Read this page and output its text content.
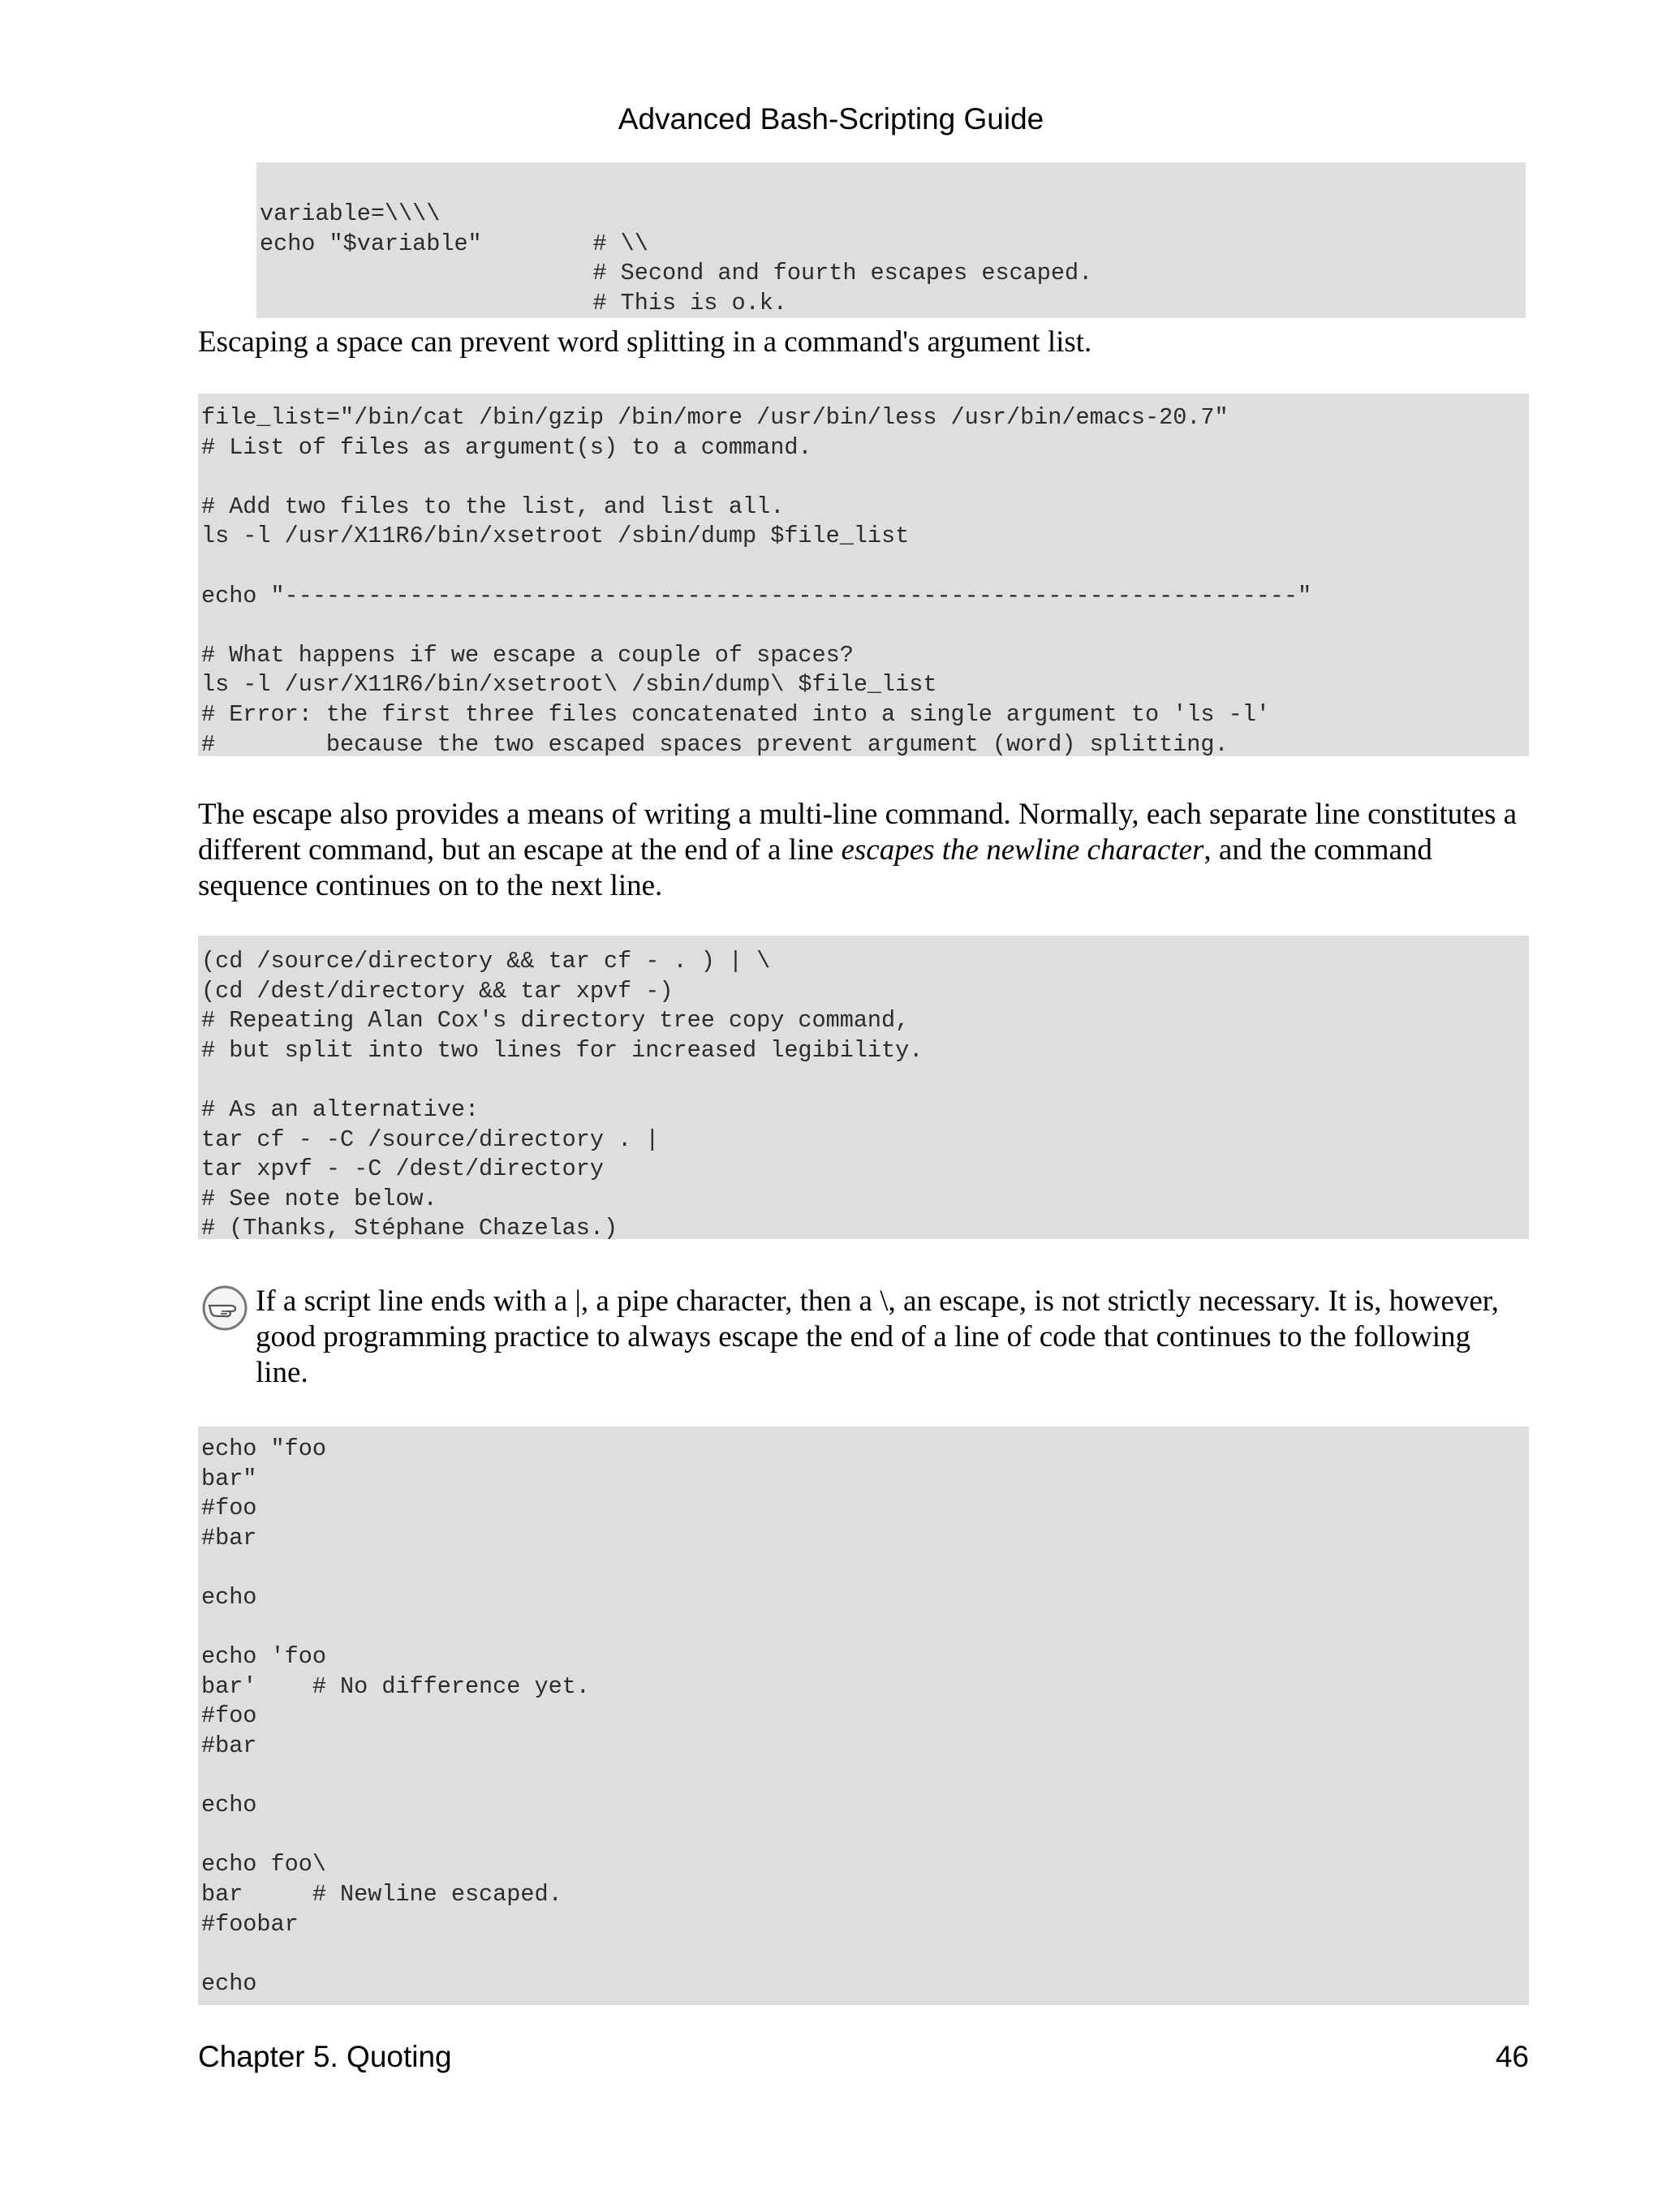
Advanced Bash-Scripting Guide
variable=\\\\
echo "$variable"        # \\
# Second and fourth escapes escaped.
# This is o.k.

Escaping a space can prevent word splitting in a command's argument list.

file_list="/bin/cat /bin/gzip /bin/more /usr/bin/less /usr/bin/emacs-20.7"
# List of files as argument(s) to a command.

# Add two files to the list, and list all.
ls -l /usr/X11R6/bin/xsetroot /sbin/dump $file_list

echo "-------------------------------------------------------------------------"

# What happens if we escape a couple of spaces?
ls -l /usr/X11R6/bin/xsetroot\ /sbin/dump\ $file_list
# Error: the first three files concatenated into a single argument to 'ls -l'
#        because the two escaped spaces prevent argument (word) splitting.

The escape also provides a means of writing a multi-line command. Normally, each separate line constitutes a different command, but an escape at the end of a line escapes the newline character, and the command sequence continues on to the next line.

(cd /source/directory && tar cf - . ) | \
(cd /dest/directory && tar xpvf -)
# Repeating Alan Cox's directory tree copy command,
# but split into two lines for increased legibility.

# As an alternative:
tar cf - -C /source/directory . |
tar xpvf - -C /dest/directory
# See note below.
# (Thanks, Stéphane Chazelas.)

If a script line ends with a |, a pipe character, then a \, an escape, is not strictly necessary. It is, however, good programming practice to always escape the end of a line of code that continues to the following line.

echo "foo
bar"
#foo
#bar

echo

echo 'foo
bar'    # No difference yet.
#foo
#bar

echo

echo foo\
bar     # Newline escaped.
#foobar

echo
Chapter 5. Quoting	46
